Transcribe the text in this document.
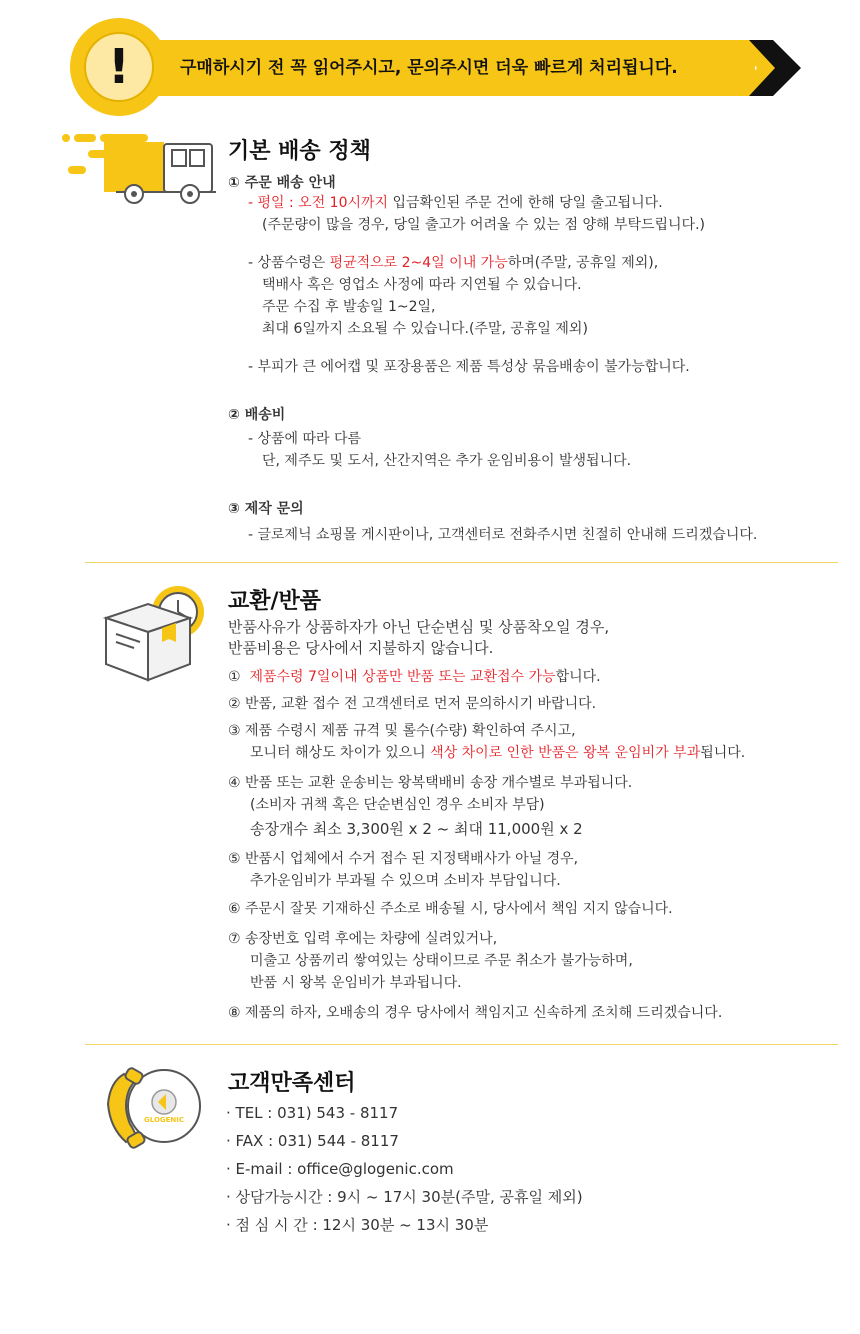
구매하시기 전 꼭 읽어주시고, 문의주시면 더욱 빠르게 처리됩니다.
!
기본 배송 정책
① 주문 배송 안내
- 평일 : 오전 10시까지 입금확인된 주문 건에 한해 당일 출고됩니다.
(주문량이 많을 경우, 당일 출고가 어려울 수 있는 점 양해 부탁드립니다.)
- 상품수령은 평균적으로 2~4일 이내 가능하며(주말, 공휴일 제외),
택배사 혹은 영업소 사정에 따라 지연될 수 있습니다.
주문 수집 후 발송일 1~2일,
최대 6일까지 소요될 수 있습니다.(주말, 공휴일 제외)
- 부피가 큰 에어캡 및 포장용품은 제품 특성상 묶음배송이 불가능합니다.
② 배송비
- 상품에 따라 다름
단, 제주도 및 도서, 산간지역은 추가 운임비용이 발생됩니다.
③ 제작 문의
- 글로제닉 쇼핑몰 게시판이나, 고객센터로 전화주시면 친절히 안내해 드리겠습니다.
교환/반품
반품사유가 상품하자가 아닌 단순변심 및 상품착오일 경우,
반품비용은 당사에서 지불하지 않습니다.
① 제품수령 7일이내 상품만 반품 또는 교환접수 가능합니다.
② 반품, 교환 접수 전 고객센터로 먼저 문의하시기 바랍니다.
③ 제품 수령시 제품 규격 및 롤수(수량) 확인하여 주시고,
모니터 해상도 차이가 있으니 색상 차이로 인한 반품은 왕복 운임비가 부과됩니다.
④ 반품 또는 교환 운송비는 왕복택배비 송장 개수별로 부과됩니다.
(소비자 귀책 혹은 단순변심인 경우 소비자 부담)
송장개수 최소 3,300원 x 2 ~ 최대 11,000원 x 2
⑤ 반품시 업체에서 수거 접수 된 지정택배사가 아닐 경우,
추가운임비가 부과될 수 있으며 소비자 부담입니다.
⑥ 주문시 잘못 기재하신 주소로 배송될 시, 당사에서 책임 지지 않습니다.
⑦ 송장번호 입력 후에는 차량에 실려있거나,
미출고 상품끼리 쌓여있는 상태이므로 주문 취소가 불가능하며,
반품 시 왕복 운임비가 부과됩니다.
⑧ 제품의 하자, 오배송의 경우 당사에서 책임지고 신속하게 조치해 드리겠습니다.
GLOGENIC
고객만족센터
· TEL : 031) 543 - 8117
· FAX : 031) 544 - 8117
· E-mail : office@glogenic.com
· 상담가능시간 : 9시 ~ 17시 30분(주말, 공휴일 제외)
· 점 심 시 간 : 12시 30분 ~ 13시 30분
